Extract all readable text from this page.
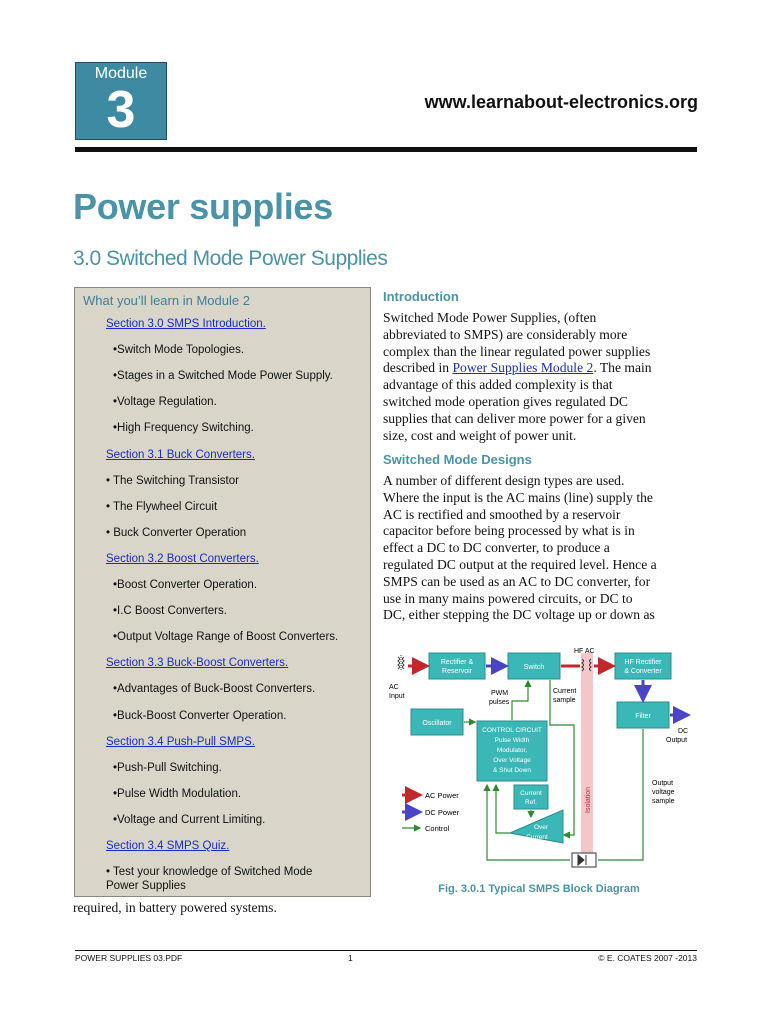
Module
3	www.learnabout-electronics.org
Power supplies
3.0 Switched Mode Power Supplies
What you’ll learn in Module 2
Section 3.0 SMPS Introduction.
•Switch Mode Topologies.
•Stages in a Switched Mode Power Supply.
•Voltage Regulation.
•High Frequency Switching.
Section 3.1 Buck Converters.
• The Switching Transistor
• The Flywheel Circuit
• Buck Converter Operation
Section 3.2 Boost Converters.
•Boost Converter Operation.
•I.C Boost Converters.
•Output Voltage Range of Boost Converters.
Section 3.3 Buck-Boost Converters.
•Advantages of Buck-Boost Converters.
•Buck-Boost Converter Operation.
Section 3.4 Push-Pull SMPS.
•Push-Pull Switching.
•Pulse Width Modulation.
•Voltage and Current Limiting.
Section 3.4 SMPS Quiz.
• Test your knowledge of Switched Mode
Power Supplies
Introduction
Switched Mode Power Supplies, (often
abbreviated to SMPS) are considerably more
complex than the linear regulated power supplies
described in Power Supplies Module 2. The main
advantage of this added complexity is that
switched mode operation gives regulated DC
supplies that can deliver more power for a given
size, cost and weight of power unit.
Switched Mode Designs
A number of different design types are used.
Where the input is the AC mains (line) supply the
AC is rectified and smoothed by a reservoir
capacitor before being processed by what is in
effect a DC to DC converter, to produce a
regulated DC output at the required level. Hence a
SMPS can be used as an AC to DC converter, for
use in many mains powered circuits, or DC to
DC, either stepping the DC voltage up or down as
Isolation
AC
Input
Rectifier &
Reservoir
Switch
HF AC
HF Rectifier
& Converter
Filter
Oscillator
CONTROL CIRCUIT
Pulse Width
Modulator,
Over Voltage
& Shut Down
Current
Ref.
Over
Current
DC
Output
PWM
pulses
Current
sample
Output
voltage
sample
AC Power
DC Power
Control
Fig. 3.0.1 Typical SMPS Block Diagram
required, in battery powered systems.
POWER SUPPLIES 03.PDF	1	© E. COATES 2007 -2013
